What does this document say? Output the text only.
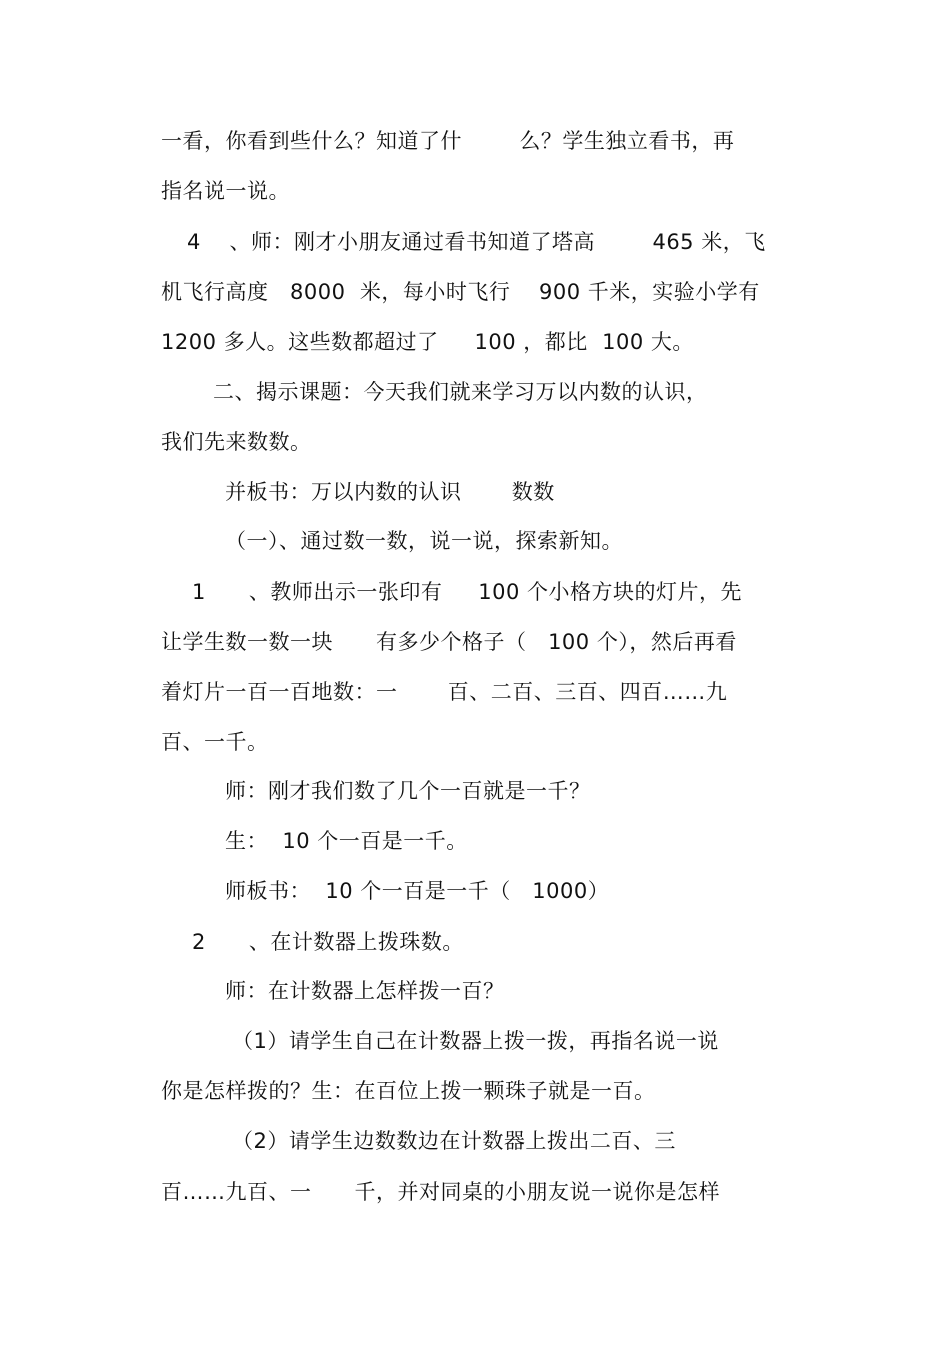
一看，你看到些什么？知道了什        么？学生独立看书，再
指名说一说。
4    、师：刚才小朋友通过看书知道了塔高        465 米，飞
机飞行高度   8000  米，每小时飞行    900 千米，实验小学有
1200 多人。这些数都超过了     100 ，都比  100 大。
二、揭示课题：今天我们就来学习万以内数的认识，
我们先来数数。
并板书：万以内数的认识       数数
（一）、通过数一数，说一说，探索新知。
1      、教师出示一张印有     100 个小格方块的灯片，先
让学生数一数一块      有多少个格子（   100 个），然后再看
着灯片一百一百地数：一       百、二百、三百、四百……九
百、一千。
师：刚才我们数了几个一百就是一千？
生：  10 个一百是一千。
师板书：  10 个一百是一千（   1000）
2      、在计数器上拨珠数。
师：在计数器上怎样拨一百？
（1）请学生自己在计数器上拨一拨，再指名说一说
你是怎样拨的？生：在百位上拨一颗珠子就是一百。
（2）请学生边数数边在计数器上拨出二百、三
百……九百、一      千，并对同桌的小朋友说一说你是怎样
